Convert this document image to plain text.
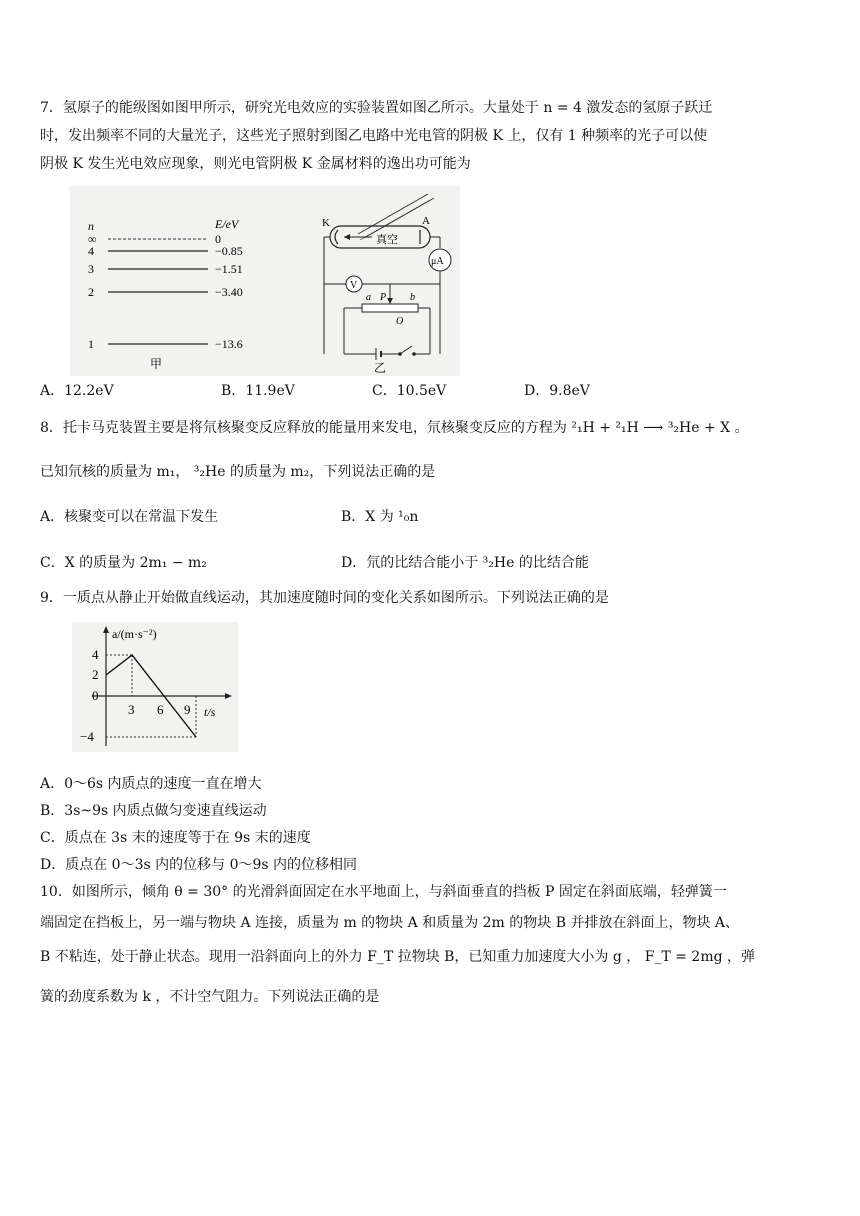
7．氢原子的能级图如图甲所示，研究光电效应的实验装置如图乙所示。大量处于 n = 4 激发态的氢原子跃迁
时，发出频率不同的大量光子，这些光子照射到图乙电路中光电管的阴极 K 上，仅有 1 种频率的光子可以使
阴极 K 发生光电效应现象，则光电管阴极 K 金属材料的逸出功可能为
n	E/eV
∞	0
4	−0.85
3	−1.51
2	−3.40
1	−13.6
甲
K	A
真空
μA
V
a P b
O
乙
A．12.2eV	B．11.9eV	C．10.5eV	D．9.8eV
8．托卡马克装置主要是将氘核聚变反应释放的能量用来发电，氘核聚变反应的方程为 ²₁H + ²₁H ⟶ ³₂He + X 。
已知氘核的质量为 m₁， ³₂He 的质量为 m₂，下列说法正确的是
A．核聚变可以在常温下发生	B．X 为 ¹₀n
C．X 的质量为 2m₁ − m₂	D．氘的比结合能小于 ³₂He 的比结合能
9．一质点从静止开始做直线运动，其加速度随时间的变化关系如图所示。下列说法正确的是
a/(m·s⁻²)
t/s
4
2
0
−4
3 6 9
A．0～6s 内质点的速度一直在增大
B．3s~9s 内质点做匀变速直线运动
C．质点在 3s 末的速度等于在 9s 末的速度
D．质点在 0～3s 内的位移与 0～9s 内的位移相同
10．如图所示，倾角 θ = 30° 的光滑斜面固定在水平地面上，与斜面垂直的挡板 P 固定在斜面底端，轻弹簧一
端固定在挡板上，另一端与物块 A 连接，质量为 m 的物块 A 和质量为 2m 的物块 B 并排放在斜面上，物块 A、
B 不粘连，处于静止状态。现用一沿斜面向上的外力 F_T 拉物块 B，已知重力加速度大小为 g ， F_T = 2mg ，弹
簧的劲度系数为 k ，不计空气阻力。下列说法正确的是
